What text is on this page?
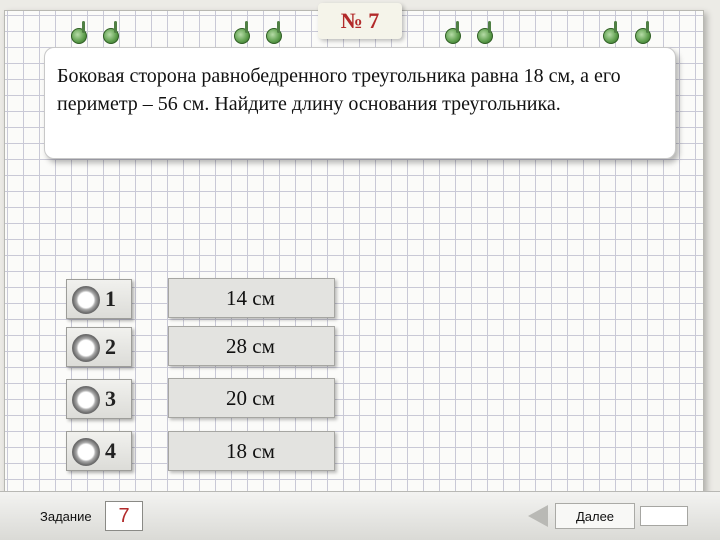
№ 7
Боковая сторона равнобедренного треугольника равна 18 см, а его периметр – 56 см. Найдите длину основания треугольника.
1	14 см
2	28 см
3	20 см
4	18 см
Задание	7	Далее
